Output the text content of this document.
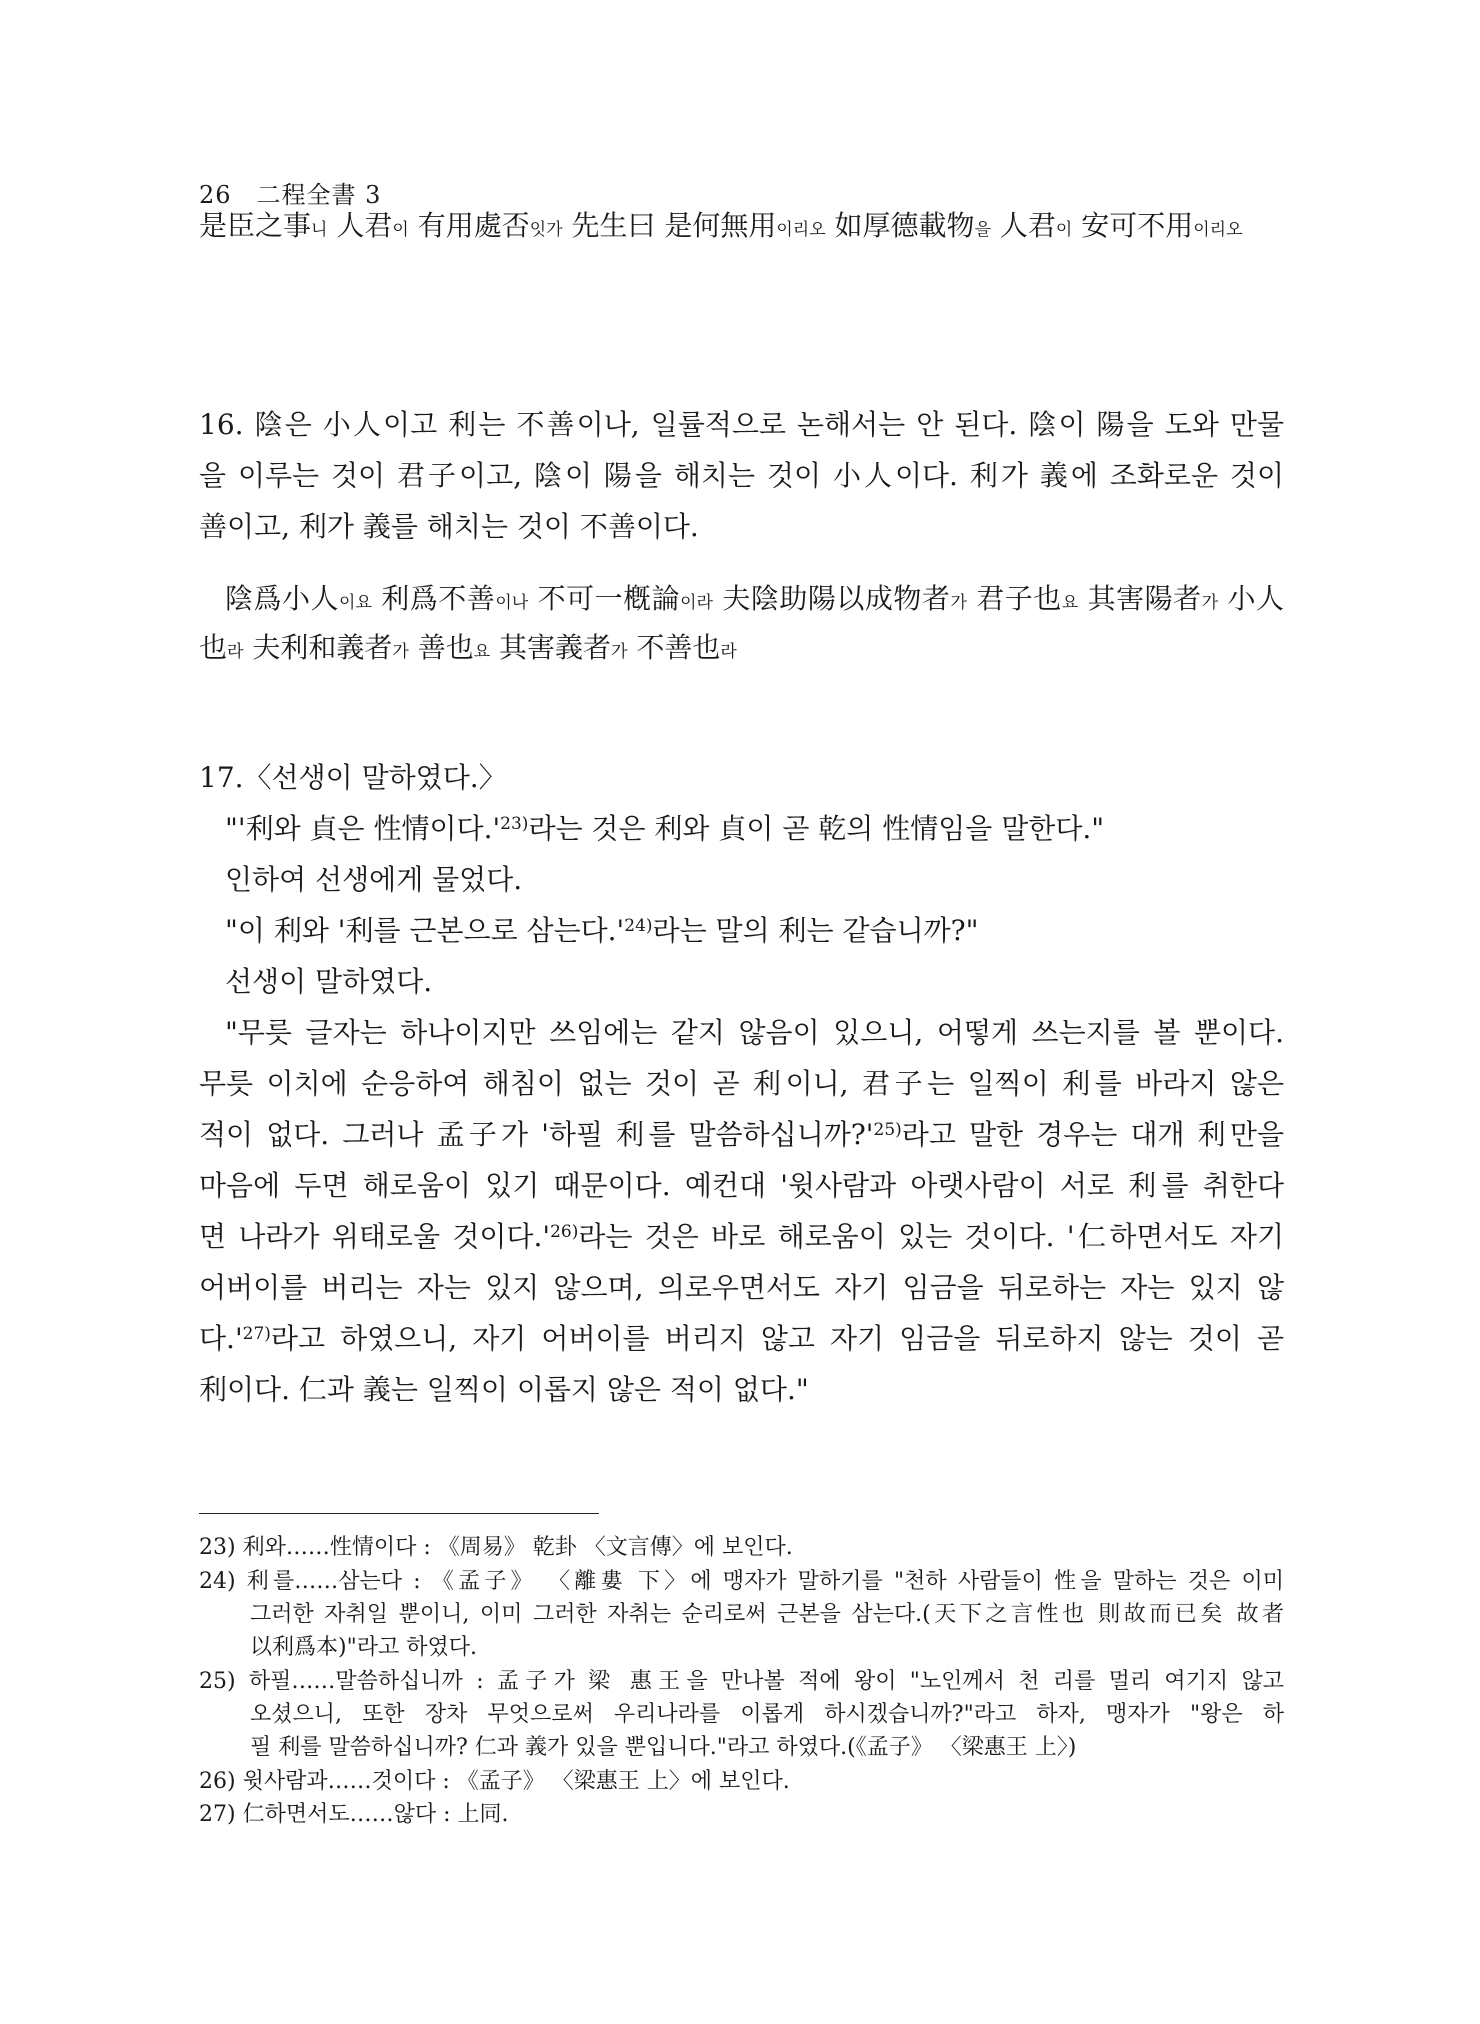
26　二程全書 3
是臣之事니 人君이 有用處否잇가 先生曰 是何無用이리오 如厚德載物을 人君이 安可不用이리오
16. 陰은 小人이고 利는 不善이나, 일률적으로 논해서는 안 된다. 陰이 陽을 도와 만물
을 이루는 것이 君子이고, 陰이 陽을 해치는 것이 小人이다. 利가 義에 조화로운 것이
善이고, 利가 義를 해치는 것이 不善이다.
陰爲小人이요 利爲不善이나 不可一槪論이라 夫陰助陽以成物者가 君子也요 其害陽者가 小人
也라 夫利和義者가 善也요 其害義者가 不善也라
17.〈선생이 말하였다.〉
"'利와 貞은 性情이다$.'^{23)}$라는 것은 利와 貞이 곧 乾의 性情임을 말한다."
인하여 선생에게 물었다.
"이 利와 '利를 근본으로 삼는다$.'^{24)}$라는 말의 利는 같습니까?"
선생이 말하였다.
"무릇 글자는 하나이지만 쓰임에는 같지 않음이 있으니, 어떻게 쓰는지를 볼 뿐이다.
무릇 이치에 순응하여 해침이 없는 것이 곧 利이니, 君子는 일찍이 利를 바라지 않은
적이 없다. 그러나 孟子가 '하필 利를 말씀하십니까$?'^{25)}$라고 말한 경우는 대개 利만을
마음에 두면 해로움이 있기 때문이다. 예컨대 '윗사람과 아랫사람이 서로 利를 취한다
면 나라가 위태로울 것이다$.'^{26)}$라는 것은 바로 해로움이 있는 것이다. '仁하면서도 자기
어버이를 버리는 자는 있지 않으며, 의로우면서도 자기 임금을 뒤로하는 자는 있지 않
다$.'^{27)}$라고 하였으니, 자기 어버이를 버리지 않고 자기 임금을 뒤로하지 않는 것이 곧
利이다. 仁과 義는 일찍이 이롭지 않은 적이 없다."
23) 利와……性情이다 : 《周易》 乾卦 〈文言傳〉에 보인다.
24) 利를……삼는다 : 《孟子》 〈離婁 下〉에 맹자가 말하기를 "천하 사람들이 性을 말하는 것은 이미
그러한 자취일 뿐이니, 이미 그러한 자취는 순리로써 근본을 삼는다.(天下之言性也 則故而已矣 故者
以利爲本)"라고 하였다.
25) 하필……말씀하십니까 : 孟子가 梁 惠王을 만나볼 적에 왕이 "노인께서 천 리를 멀리 여기지 않고
오셨으니, 또한 장차 무엇으로써 우리나라를 이롭게 하시겠습니까?"라고 하자, 맹자가 "왕은 하
필 利를 말씀하십니까? 仁과 義가 있을 뿐입니다."라고 하였다.(《孟子》 〈梁惠王 上〉)
26) 윗사람과……것이다 : 《孟子》 〈梁惠王 上〉에 보인다.
27) 仁하면서도……않다 : 上同.
